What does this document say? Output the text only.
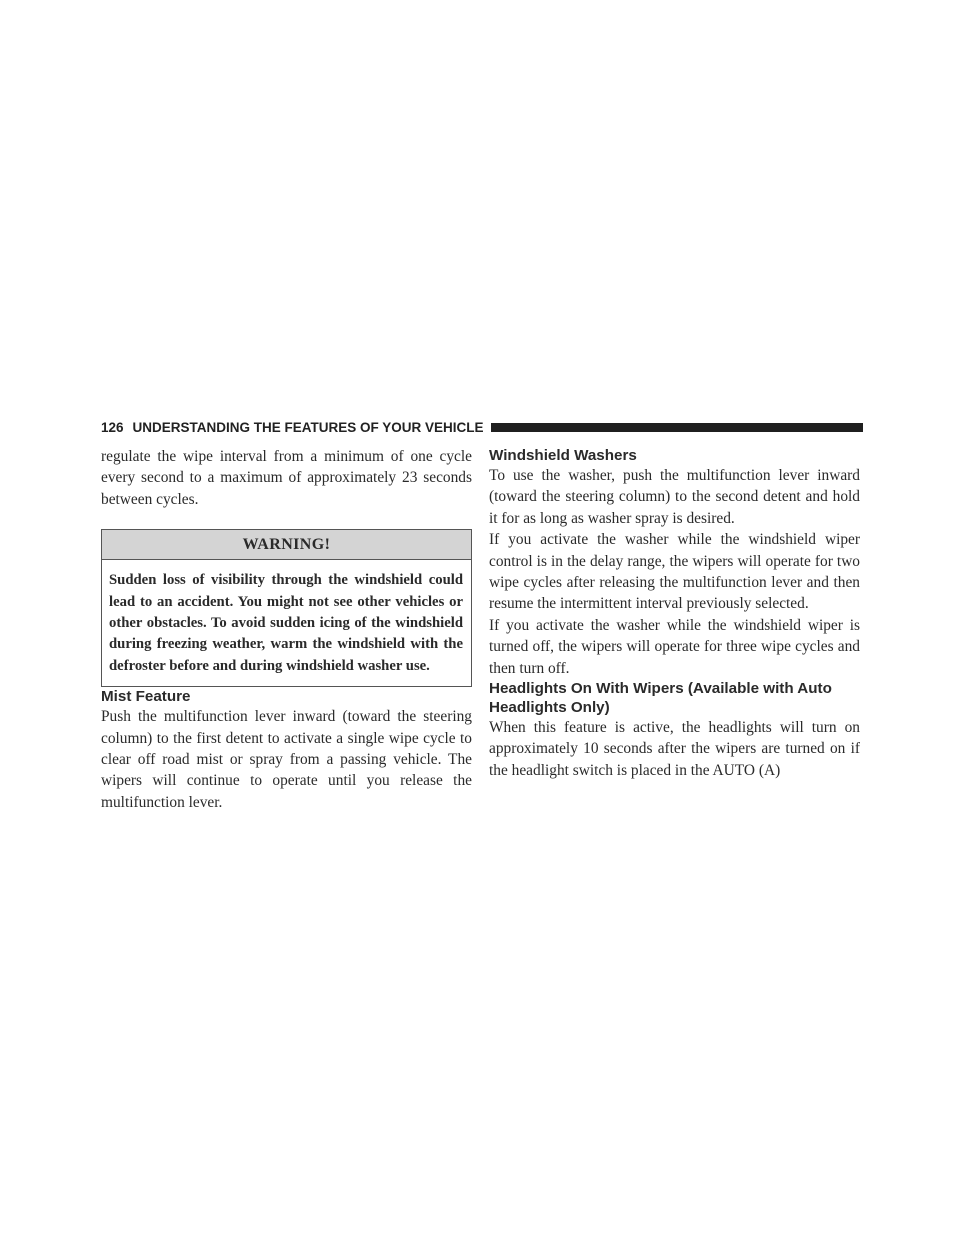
126 UNDERSTANDING THE FEATURES OF YOUR VEHICLE

regulate the wipe interval from a minimum of one cycle every second to a maximum of approximately 23 seconds between cycles.

WARNING!
Sudden loss of visibility through the windshield could lead to an accident. You might not see other vehicles or other obstacles. To avoid sudden icing of the windshield during freezing weather, warm the windshield with the defroster before and during windshield washer use.
Mist Feature

Push the multifunction lever inward (toward the steering column) to the first detent to activate a single wipe cycle to clear off road mist or spray from a passing vehicle. The wipers will continue to operate until you release the multifunction lever.

Windshield Washers

To use the washer, push the multifunction lever inward (toward the steering column) to the second detent and hold it for as long as washer spray is desired.

If you activate the washer while the windshield wiper control is in the delay range, the wipers will operate for two wipe cycles after releasing the multifunction lever and then resume the intermittent interval previously selected.

If you activate the washer while the windshield wiper is turned off, the wipers will operate for three wipe cycles and then turn off.

Headlights On With Wipers (Available with Auto Headlights Only)

When this feature is active, the headlights will turn on approximately 10 seconds after the wipers are turned on if the headlight switch is placed in the AUTO (A)
